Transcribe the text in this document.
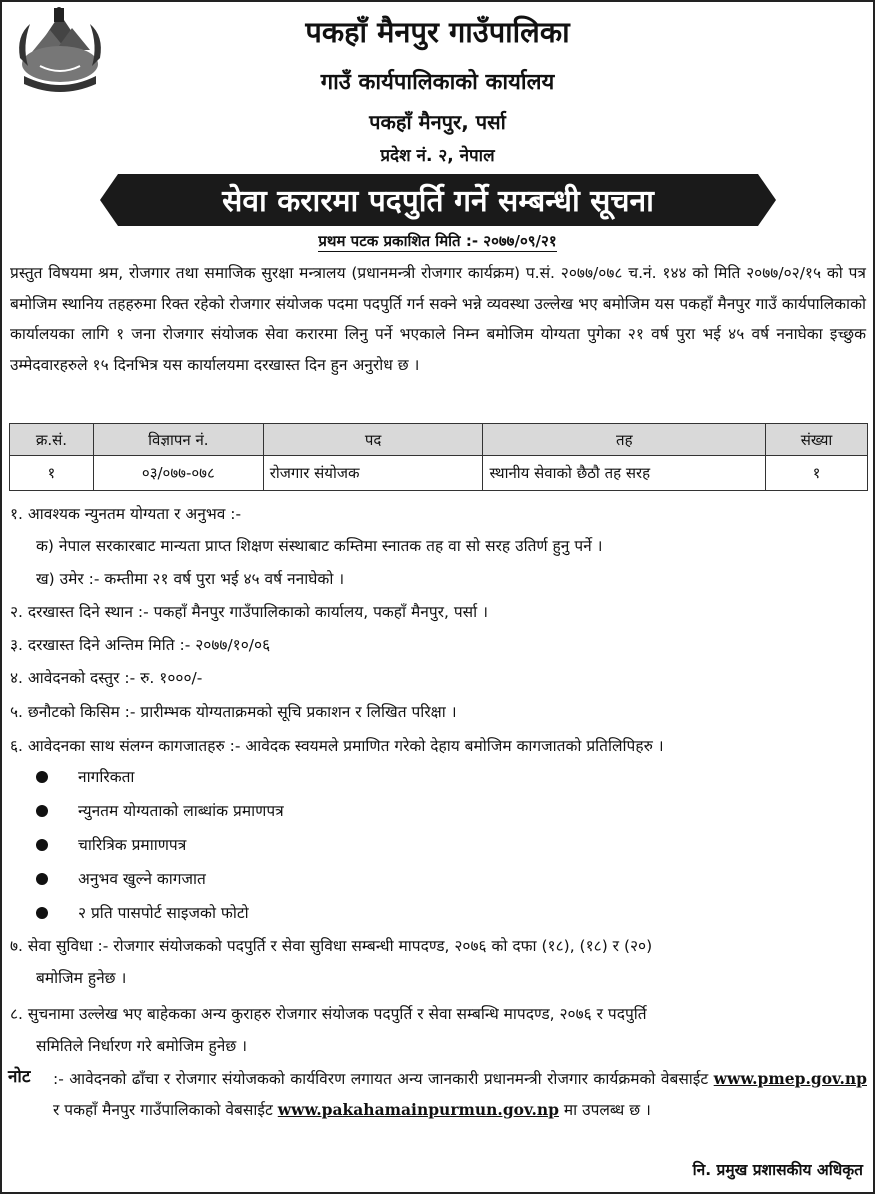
पकहाँ मैनपुर गाउँपालिका
गाउँ कार्यपालिकाको कार्यालय
पकहाँ मैनपुर, पर्सा
प्रदेश नं. २, नेपाल
सेवा करारमा पदपुर्ति गर्ने सम्बन्धी सूचना
प्रथम पटक प्रकाशित मिति :- २०७७/०९/२१
प्रस्तुत विषयमा श्रम, रोजगार तथा समाजिक सुरक्षा मन्त्रालय (प्रधानमन्त्री रोजगार कार्यक्रम) प.सं. २०७७/०७८ च.नं. १४४ को मिति २०७७/०२/१५ को पत्र बमोजिम स्थानिय तहहरुमा रिक्त रहेको रोजगार संयोजक पदमा पदपुर्ति गर्न सक्ने भन्ने व्यवस्था उल्लेख भए बमोजिम यस पकहाँ मैनपुर गाउँ कार्यपालिकाको कार्यालयका लागि १ जना रोजगार संयोजक सेवा करारमा लिनु पर्ने भएकाले निम्न बमोजिम योग्यता पुगेका २१ वर्ष पुरा भई ४५ वर्ष ननाघेका इच्छुक उम्मेदवारहरुले १५ दिनभित्र यस कार्यालयमा दरखास्त दिन हुन अनुरोध छ ।
क्र.सं.	विज्ञापन नं.	पद	तह	संख्या
१	०३/०७७-०७८	रोजगार संयोजक	स्थानीय सेवाको छैठौ तह सरह	१
१. आवश्यक न्युनतम योग्यता र अनुभव :-
क) नेपाल सरकारबाट मान्यता प्राप्त शिक्षण संस्थाबाट कम्तिमा स्नातक तह वा सो सरह उतिर्ण हुनु पर्ने ।
ख) उमेर :- कम्तीमा २१ वर्ष पुरा भई ४५ वर्ष ननाघेको ।
२. दरखास्त दिने स्थान :- पकहाँ मैनपुर गाउँपालिकाको कार्यालय, पकहाँ मैनपुर, पर्सा ।
३. दरखास्त दिने अन्तिम मिति :- २०७७/१०/०६
४. आवेदनको दस्तुर :- रु. १०००/-
५. छनौटको किसिम :- प्रारीम्भक योग्यताक्रमको सूचि प्रकाशन र लिखित परिक्षा ।
६. आवेदनका साथ संलग्न कागजातहरु :- आवेदक स्वयमले प्रमाणित गरेको देहाय बमोजिम कागजातको प्रतिलिपिहरु ।
नागरिकता
न्युनतम योग्यताको लाब्धांक प्रमाणपत्र
चारित्रिक प्रमााणपत्र
अनुभव खुल्ने कागजात
२ प्रति पासपोर्ट साइजको फोटो
७. सेवा सुविधा :- रोजगार संयोजकको पदपुर्ति र सेवा सुविधा सम्बन्धी मापदण्ड, २०७६ को दफा (१८), (१८) र (२०)
बमोजिम हुनेछ ।
८. सुचनामा उल्लेख भए बाहेकका अन्य कुराहरु रोजगार संयोजक पदपुर्ति र सेवा सम्बन्धि मापदण्ड, २०७६ र पदपुर्ति
समितिले निर्धारण गरे बमोजिम हुनेछ ।
नोट :- आवेदनको ढाँचा र रोजगार संयोजकको कार्यविरण लगायत अन्य जानकारी प्रधानमन्त्री रोजगार कार्यक्रमको वेबसाईट www.pmep.gov.np र पकहाँ मैनपुर गाउँपालिकाको वेबसाईट www.pakahamainpurmun.gov.np मा उपलब्ध छ ।
नि. प्रमुख प्रशासकीय अधिकृत
